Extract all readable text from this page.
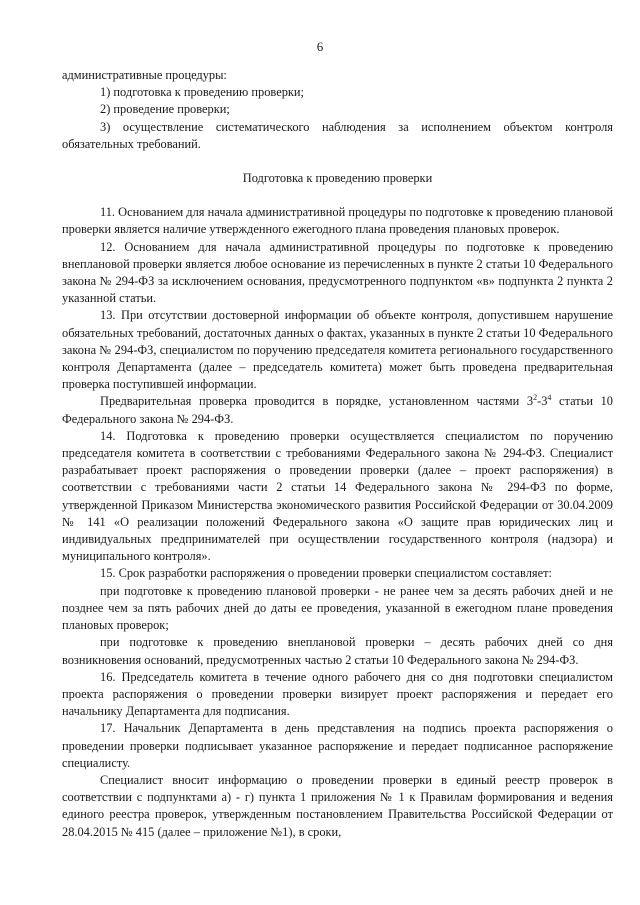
6

административные процедуры:

1) подготовка к проведению проверки;

2) проведение проверки;

3) осуществление систематического наблюдения за исполнением объектом контроля обязательных требований.

Подготовка к проведению проверки

11. Основанием для начала административной процедуры по подготовке к проведению плановой проверки является наличие утвержденного ежегодного плана проведения плановых проверок.

12. Основанием для начала административной процедуры по подготовке к проведению внеплановой проверки является любое основание из перечисленных в пункте 2 статьи 10 Федерального закона № 294-ФЗ за исключением основания, предусмотренного подпунктом «в» подпункта 2 пункта 2 указанной статьи.

13. При отсутствии достоверной информации об объекте контроля, допустившем нарушение обязательных требований, достаточных данных о фактах, указанных в пункте 2 статьи 10 Федерального закона № 294-ФЗ, специалистом по поручению председателя комитета регионального государственного контроля Департамента (далее – председатель комитета) может быть проведена предварительная проверка поступившей информации.

Предварительная проверка проводится в порядке, установленном частями $3^2-3^4$ статьи 10 Федерального закона № 294-ФЗ.

14. Подготовка к проведению проверки осуществляется специалистом по поручению председателя комитета в соответствии с требованиями Федерального закона № 294-ФЗ. Специалист разрабатывает проект распоряжения о проведении проверки (далее – проект распоряжения) в соответствии с требованиями части 2 статьи 14 Федерального закона № 294-ФЗ по форме, утвержденной Приказом Министерства экономического развития Российской Федерации от 30.04.2009 № 141 «О реализации положений Федерального закона «О защите прав юридических лиц и индивидуальных предпринимателей при осуществлении государственного контроля (надзора) и муниципального контроля».

15. Срок разработки распоряжения о проведении проверки специалистом составляет:

при подготовке к проведению плановой проверки - не ранее чем за десять рабочих дней и не позднее чем за пять рабочих дней до даты ее проведения, указанной в ежегодном плане проведения плановых проверок;

при подготовке к проведению внеплановой проверки – десять рабочих дней со дня возникновения оснований, предусмотренных частью 2 статьи 10 Федерального закона № 294-ФЗ.

16. Председатель комитета в течение одного рабочего дня со дня подготовки специалистом проекта распоряжения о проведении проверки визирует проект распоряжения и передает его начальнику Департамента для подписания.

17. Начальник Департамента в день представления на подпись проекта распоряжения о проведении проверки подписывает указанное распоряжение и передает подписанное распоряжение специалисту.

Специалист вносит информацию о проведении проверки в единый реестр проверок в соответствии с подпунктами а) - г) пункта 1 приложения № 1 к Правилам формирования и ведения единого реестра проверок, утвержденным постановлением Правительства Российской Федерации от 28.04.2015 № 415 (далее – приложение №1), в сроки,
